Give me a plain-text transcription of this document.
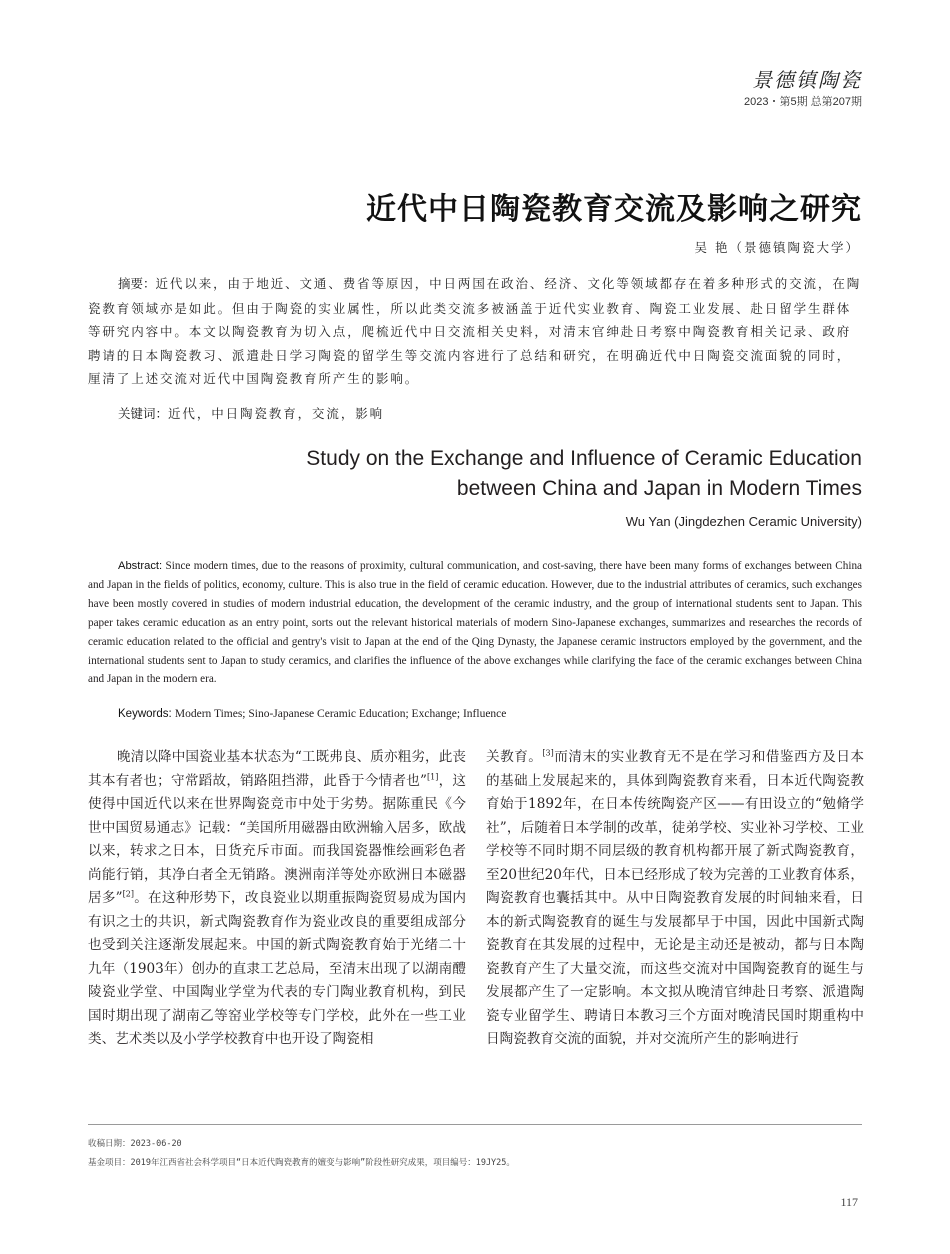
景德镇陶瓷
2023・第5期 总第207期
近代中日陶瓷教育交流及影响之研究
吴 艳（景德镇陶瓷大学）

摘要：近代以来，由于地近、文通、费省等原因，中日两国在政治、经济、文化等领域都存在着多种形式的交流，在陶瓷教育领域亦是如此。但由于陶瓷的实业属性，所以此类交流多被涵盖于近代实业教育、陶瓷工业发展、赴日留学生群体等研究内容中。本文以陶瓷教育为切入点，爬梳近代中日交流相关史料，对清末官绅赴日考察中陶瓷教育相关记录、政府聘请的日本陶瓷教习、派遣赴日学习陶瓷的留学生等交流内容进行了总结和研究，在明确近代中日陶瓷交流面貌的同时，厘清了上述交流对近代中国陶瓷教育所产生的影响。

关键词：近代，中日陶瓷教育，交流，影响

Study on the Exchange and Influence of Ceramic Education
between China and Japan in Modern Times

Wu Yan (Jingdezhen Ceramic University)

Abstract: Since modern times, due to the reasons of proximity, cultural communication, and cost-saving, there have been many forms of exchanges between China and Japan in the fields of politics, economy, culture. This is also true in the field of ceramic education. However, due to the industrial attributes of ceramics, such exchanges have been mostly covered in studies of modern industrial education, the development of the ceramic industry, and the group of international students sent to Japan. This paper takes ceramic education as an entry point, sorts out the relevant historical materials of modern Sino-Japanese exchanges, summarizes and researches the records of ceramic education related to the official and gentry's visit to Japan at the end of the Qing Dynasty, the Japanese ceramic instructors employed by the government, and the international students sent to Japan to study ceramics, and clarifies the influence of the above exchanges while clarifying the face of the ceramic exchanges between China and Japan in the modern era.

Keywords: Modern Times; Sino-Japanese Ceramic Education; Exchange; Influence

晚清以降中国瓷业基本状态为“工既弗良、质亦粗劣，此丧其本有者也；守常蹈故，销路阻挡滞，此昏于今情者也”[1]，这使得中国近代以来在世界陶瓷竞市中处于劣势。据陈重民《今世中国贸易通志》记载：“美国所用磁器由欧洲输入居多，欧战以来，转求之日本，日货充斥市面。而我国瓷器惟绘画彩色者尚能行销，其净白者全无销路。澳洲南洋等处亦欧洲日本磁器居多”[2]。在这种形势下，改良瓷业以期重振陶瓷贸易成为国内有识之士的共识，新式陶瓷教育作为瓷业改良的重要组成部分也受到关注逐渐发展起来。中国的新式陶瓷教育始于光绪二十九年（1903年）创办的直隶工艺总局，至清末出现了以湖南醴陵瓷业学堂、中国陶业学堂为代表的专门陶业教育机构，到民国时期出现了湖南乙等窑业学校等专门学校，此外在一些工业类、艺术类以及小学学校教育中也开设了陶瓷相

关教育。[3]而清末的实业教育无不是在学习和借鉴西方及日本的基础上发展起来的，具体到陶瓷教育来看，日本近代陶瓷教育始于1892年，在日本传统陶瓷产区——有田设立的“勉脩学社”，后随着日本学制的改革，徒弟学校、实业补习学校、工业学校等不同时期不同层级的教育机构都开展了新式陶瓷教育，至20世纪20年代，日本已经形成了较为完善的工业教育体系，陶瓷教育也囊括其中。从中日陶瓷教育发展的时间轴来看，日本的新式陶瓷教育的诞生与发展都早于中国，因此中国新式陶瓷教育在其发展的过程中，无论是主动还是被动，都与日本陶瓷教育产生了大量交流，而这些交流对中国陶瓷教育的诞生与发展都产生了一定影响。本文拟从晚清官绅赴日考察、派遣陶瓷专业留学生、聘请日本教习三个方面对晚清民国时期重构中日陶瓷教育交流的面貌，并对交流所产生的影响进行

收稿日期：2023-06-20

基金项目：2019年江西省社会科学项目“日本近代陶瓷教育的嬗变与影响”阶段性研究成果，项目编号：19JY25。

117
